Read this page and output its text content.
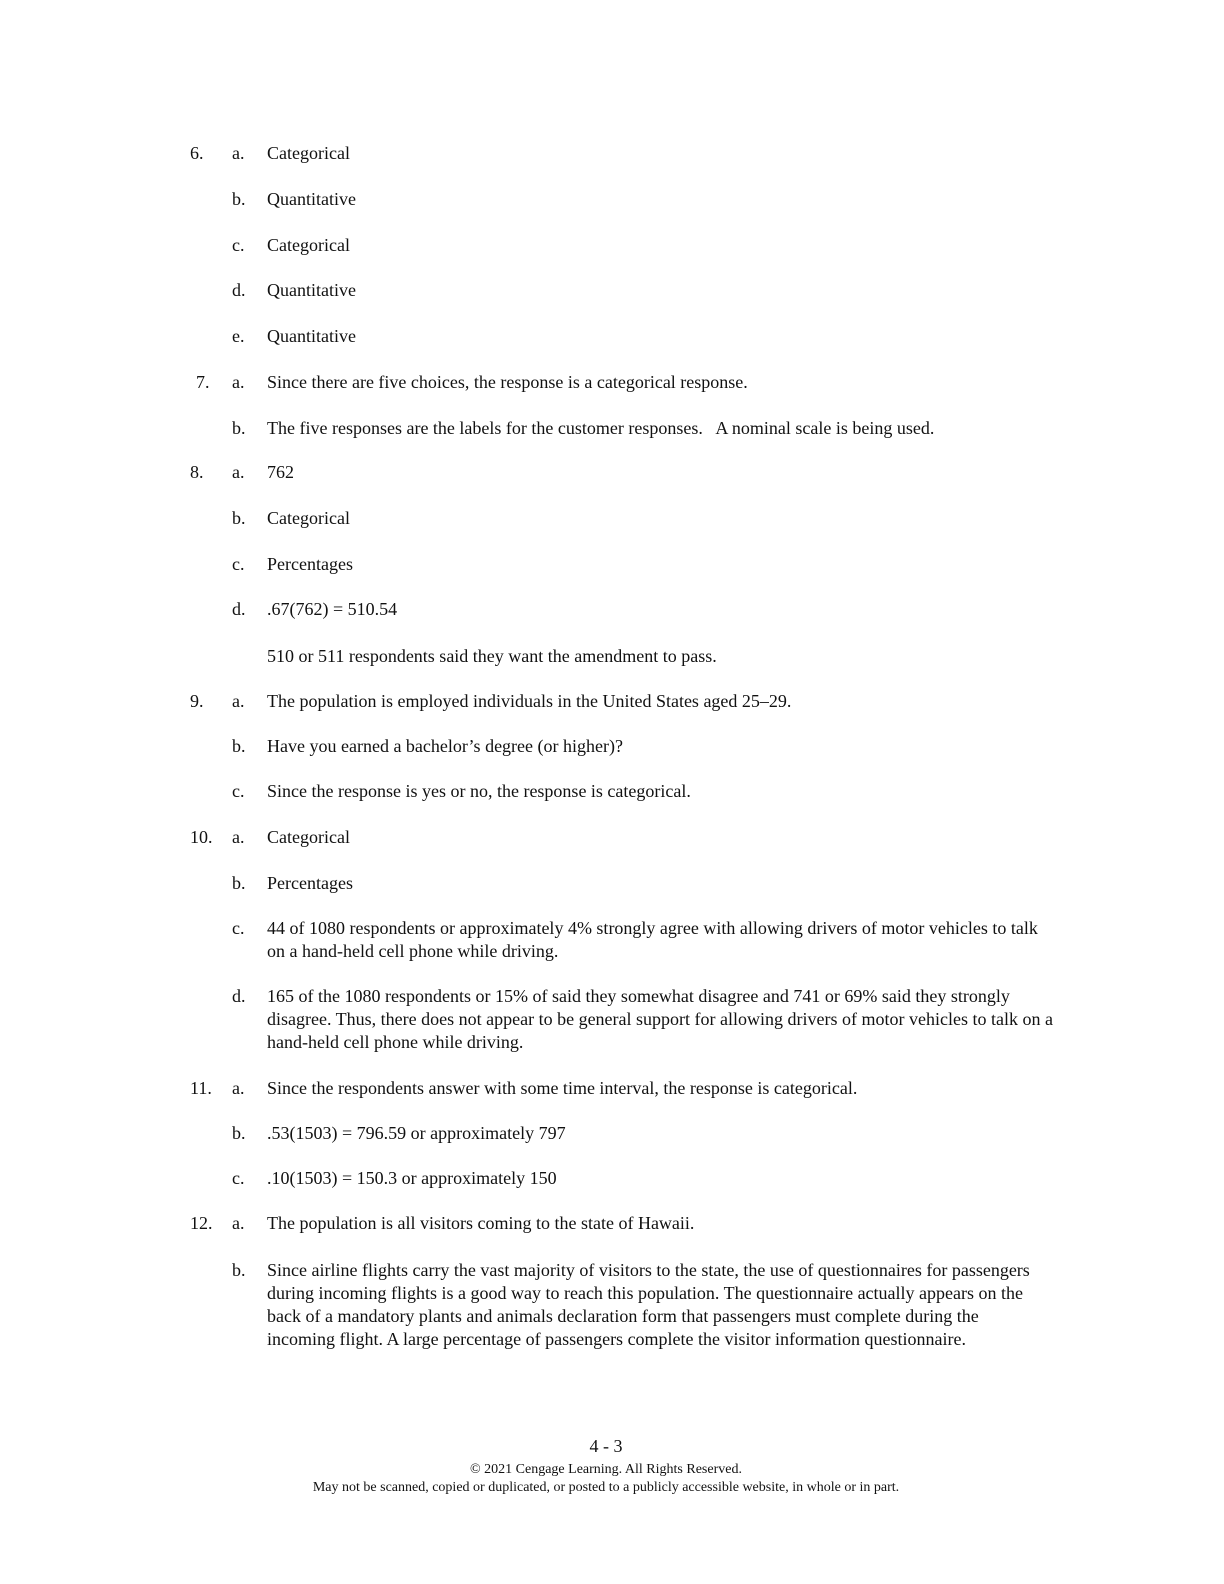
6.	a.	Categorical
b.	Quantitative
c.	Categorical
d.	Quantitative
e.	Quantitative
7.	a.	Since there are five choices, the response is a categorical response.
b.	The five responses are the labels for the customer responses.   A nominal scale is being used.
8.	a.	762
b.	Categorical
c.	Percentages
d.	.67(762) = 510.54
510 or 511 respondents said they want the amendment to pass.
9.	a.	The population is employed individuals in the United States aged 25–29.
b.	Have you earned a bachelor’s degree (or higher)?
c.	Since the response is yes or no, the response is categorical.
10.	a.	Categorical
b.	Percentages
c.	44 of 1080 respondents or approximately 4% strongly agree with allowing drivers of motor vehicles to talk on a hand-held cell phone while driving.
d.	165 of the 1080 respondents or 15% of said they somewhat disagree and 741 or 69% said they strongly disagree. Thus, there does not appear to be general support for allowing drivers of motor vehicles to talk on a hand-held cell phone while driving.
11.	a.	Since the respondents answer with some time interval, the response is categorical.
b.	.53(1503) = 796.59 or approximately 797
c.	.10(1503) = 150.3 or approximately 150
12.	a.	The population is all visitors coming to the state of Hawaii.
b.	Since airline flights carry the vast majority of visitors to the state, the use of questionnaires for passengers during incoming flights is a good way to reach this population. The questionnaire actually appears on the back of a mandatory plants and animals declaration form that passengers must complete during the incoming flight. A large percentage of passengers complete the visitor information questionnaire.
4 - 3
© 2021 Cengage Learning. All Rights Reserved.
May not be scanned, copied or duplicated, or posted to a publicly accessible website, in whole or in part.
